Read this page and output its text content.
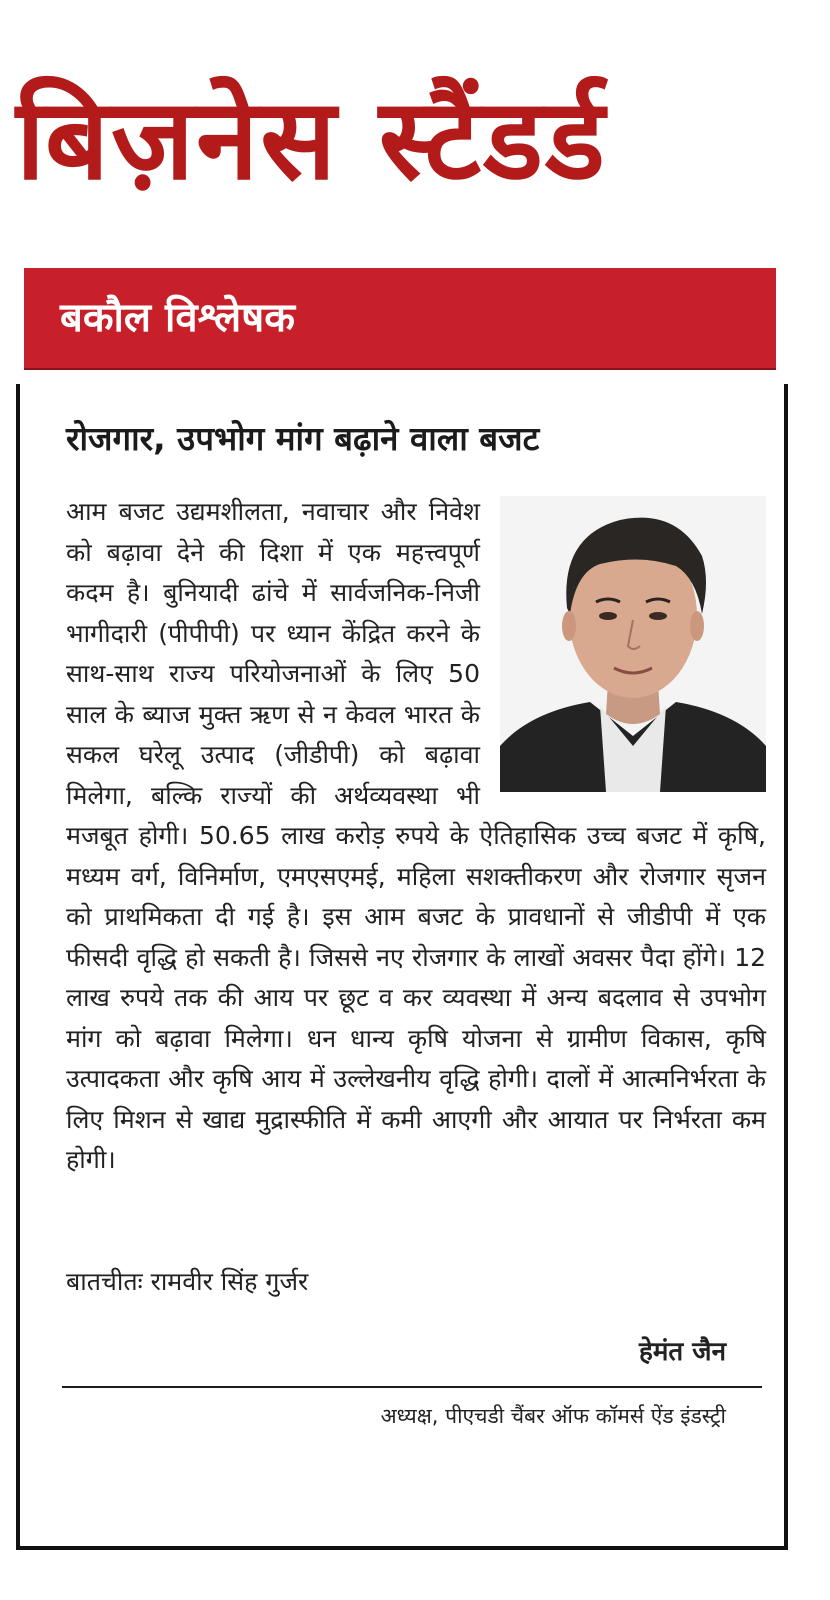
बिज़नेस स्टैंडर्ड
बकौल विश्लेषक
रोजगार, उपभोग मांग बढ़ाने वाला बजट

आम बजट उद्यमशीलता, नवाचार और निवेश को बढ़ावा देने की दिशा में एक महत्त्वपूर्ण कदम है। बुनियादी ढांचे में सार्वजनिक-निजी भागीदारी (पीपीपी) पर ध्यान केंद्रित करने के साथ-साथ राज्य परियोजनाओं के लिए 50 साल के ब्याज मुक्त ऋण से न केवल भारत के सकल घरेलू उत्पाद (जीडीपी) को बढ़ावा मिलेगा, बल्कि राज्यों की अर्थव्यवस्था भी मजबूत होगी। 50.65 लाख करोड़ रुपये के ऐतिहासिक उच्च बजट में कृषि, मध्यम वर्ग, विनिर्माण, एमएसएमई, महिला सशक्तीकरण और रोजगार सृजन को प्राथमिकता दी गई है। इस आम बजट के प्रावधानों से जीडीपी में एक फीसदी वृद्धि हो सकती है। जिससे नए रोजगार के लाखों अवसर पैदा होंगे। 12 लाख रुपये तक की आय पर छूट व कर व्यवस्था में अन्य बदलाव से उपभोग मांग को बढ़ावा मिलेगा। धन धान्य कृषि योजना से ग्रामीण विकास, कृषि उत्पादकता और कृषि आय में उल्लेखनीय वृद्धि होगी। दालों में आत्मनिर्भरता के लिए मिशन से खाद्य मुद्रास्फीति में कमी आएगी और आयात पर निर्भरता कम होगी।

बातचीतः रामवीर सिंह गुर्जर
हेमंत जैन
अध्यक्ष, पीएचडी चैंबर ऑफ कॉमर्स ऐंड इंडस्ट्री
